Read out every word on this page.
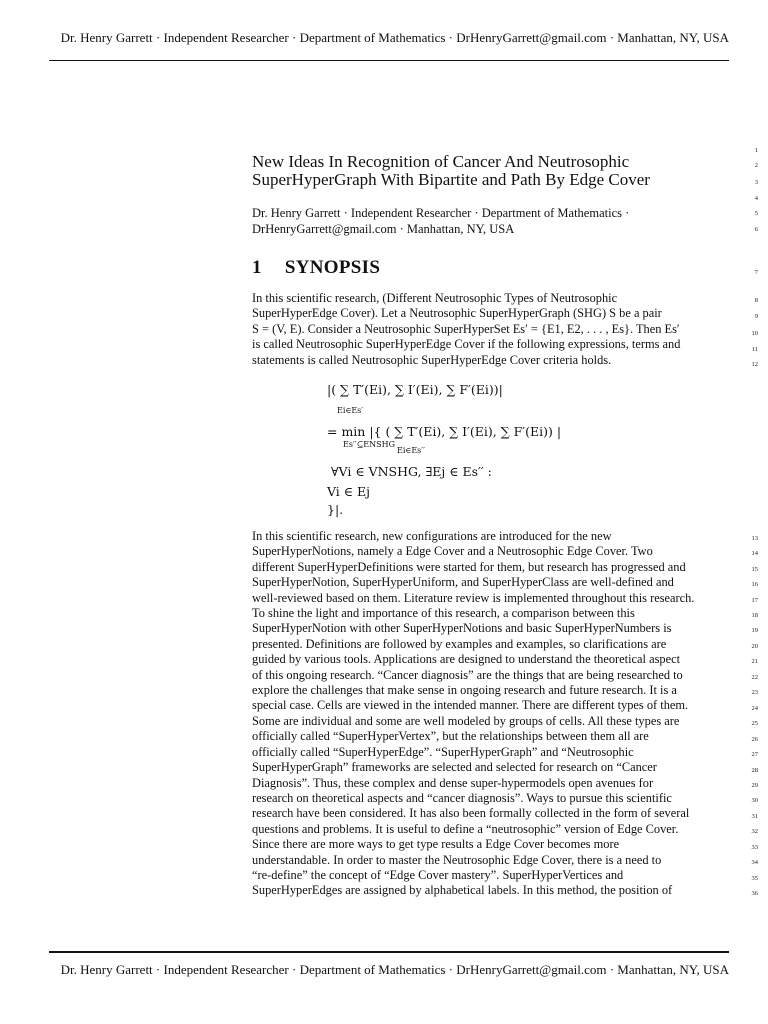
Dr. Henry Garrett · Independent Researcher · Department of Mathematics · DrHenryGarrett@gmail.com · Manhattan, NY, USA
New Ideas In Recognition of Cancer And Neutrosophic
SuperHyperGraph With Bipartite and Path By Edge Cover
Dr. Henry Garrett · Independent Researcher · Department of Mathematics ·
DrHenryGarrett@gmail.com · Manhattan, NY, USA
1 SYNOPSIS
In this scientific research, (Different Neutrosophic Types of Neutrosophic
SuperHyperEdge Cover). Let a Neutrosophic SuperHyperGraph (SHG) S be a pair
S = (V, E). Consider a Neutrosophic SuperHyperSet Es′ = {E1, E2, . . . , Es}. Then Es′
is called Neutrosophic SuperHyperEdge Cover if the following expressions, terms and
statements is called Neutrosophic SuperHyperEdge Cover criteria holds.
|( ∑ T′(Ei), ∑ I′(Ei), ∑ F′(Ei))|
Ei∈Es′
= min |{ ( ∑ T′(Ei), ∑ I′(Ei), ∑ F′(Ei)) |
Es′′⊆ENSHG
Ei∈Es′′
∀Vi ∈ VNSHG, ∃Ej ∈ Es′′ :
Vi ∈ Ej
}|.
In this scientific research, new configurations are introduced for the new
SuperHyperNotions, namely a Edge Cover and a Neutrosophic Edge Cover. Two
different SuperHyperDefinitions were started for them, but research has progressed and
SuperHyperNotion, SuperHyperUniform, and SuperHyperClass are well-defined and
well-reviewed based on them. Literature review is implemented throughout this research.
To shine the light and importance of this research, a comparison between this
SuperHyperNotion with other SuperHyperNotions and basic SuperHyperNumbers is
presented. Definitions are followed by examples and examples, so clarifications are
guided by various tools. Applications are designed to understand the theoretical aspect
of this ongoing research. “Cancer diagnosis” are the things that are being researched to
explore the challenges that make sense in ongoing research and future research. It is a
special case. Cells are viewed in the intended manner. There are different types of them.
Some are individual and some are well modeled by groups of cells. All these types are
officially called “SuperHyperVertex”, but the relationships between them all are
officially called “SuperHyperEdge”. “SuperHyperGraph” and “Neutrosophic
SuperHyperGraph” frameworks are selected and selected for research on “Cancer
Diagnosis”. Thus, these complex and dense super-hypermodels open avenues for
research on theoretical aspects and “cancer diagnosis”. Ways to pursue this scientific
research have been considered. It has also been formally collected in the form of several
questions and problems. It is useful to define a “neutrosophic” version of Edge Cover.
Since there are more ways to get type results a Edge Cover becomes more
understandable. In order to master the Neutrosophic Edge Cover, there is a need to
“re-define” the concept of “Edge Cover mastery”. SuperHyperVertices and
SuperHyperEdges are assigned by alphabetical labels. In this method, the position of
1
2
3
4
5
6
7
8
9
10
11
12
13
14
15
16
17
18
19
20
21
22
23
24
25
26
27
28
29
30
31
32
33
34
35
36
Dr. Henry Garrett · Independent Researcher · Department of Mathematics · DrHenryGarrett@gmail.com · Manhattan, NY, USA
